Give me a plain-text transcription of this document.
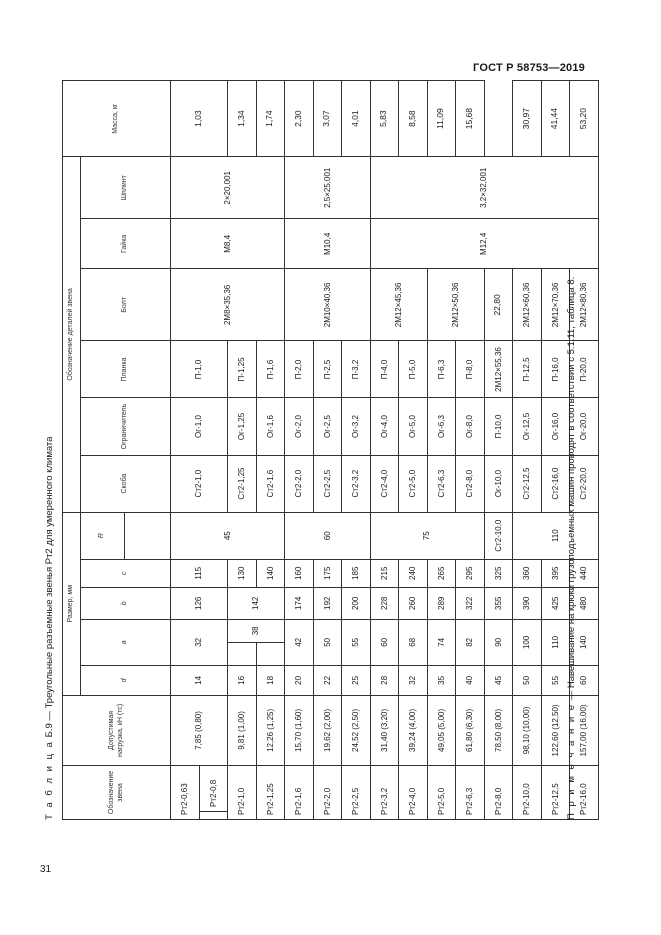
ГОСТ Р 58753—2019
Т а б л и ц а Б.9 — Треугольные разъемные звенья Рт2 для умеренного климата
Обозначение звена		Допустимая нагрузка, кН (тс)	Размер, мм						Обозначение деталей звена						Масса, кг
			d	a		b	c	R	Скоба	Ограничитель	Планка	Болт	Гайка	Шплинт	

Рт2-0,63		7,85 (0,80)	14	32		126	115	45	Ст2-1,0	Ог-1,0	П-1,0	2М8×35,36	М8,4	2×20,001	1,03
	Рт2-0,8														
Рт2-1,0		9,81 (1,00)	16		38	142	130		Ст2-1,25	Ог-1,25	П-1,25				1,34
Рт2-1,25		12,26 (1,25)	18				140		Ст2-1,6	Ог-1,6	П-1,6				1,74
Рт2-1,6		15,70 (1,60)	20	42		174	160	60	Ст2-2,0	Ог-2,0	П-2,0	2М10×40,36	М10,4	2,5×25,001	2,30
Рт2-2,0		19,62 (2,00)	22	50		192	175		Ст2-2,5	Ог-2,5	П-2,5				3,07
Рт2-2,5		24,52 (2,50)	25	55		200	185		Ст2-3,2	Ог-3,2	П-3,2				4,01
Рт2-3,2		31,40 (3,20)	28	60		228	215	75	Ст2-4,0	Ог-4,0	П-4,0	2М12×45,36	М12,4	3,2×32,001	5,83
Рт2-4,0		39,24 (4,00)	32	68		260	240		Ст2-5,0	Ог-5,0	П-5,0				8,58
Рт2-5,0		49,05 (5,00)	35	74		289	265		Ст2-6,3	Ог-6,3	П-6,3	2М12×50,36			11,09
Рт2-6,3		61,80 (6,30)	40	82		322	295		Ст2-8,0	Ог-8,0	П-8,0				15,68
Рт2-8,0		78,50 (8,00)	45	90		355	325	Ст2-10,0	Ог-10,0	П-10,0	2М12×55,36	22,80			
Рт2-10,0		98,10 (10,00)	50	100		390	360	110	Ст2-12,5	Ог-12,5	П-12,5	2М12×60,36			30,97
Рт2-12,5		122,60 (12,50)	55	110		425	395		Ст2-16,0	Ог-16,0	П-16,0	2М12×70,36			41,44
Рт2-16,0		157,00 (16,00)	60	140		480	440		Ст2-20,0	Ог-20,0	П-20,0	2М12×80,36			53,20
П р и м е ч а н и е — Навешивание на крюки грузоподъемных машин проводят в соответствии с 5.1.11, таблица 8.
31
